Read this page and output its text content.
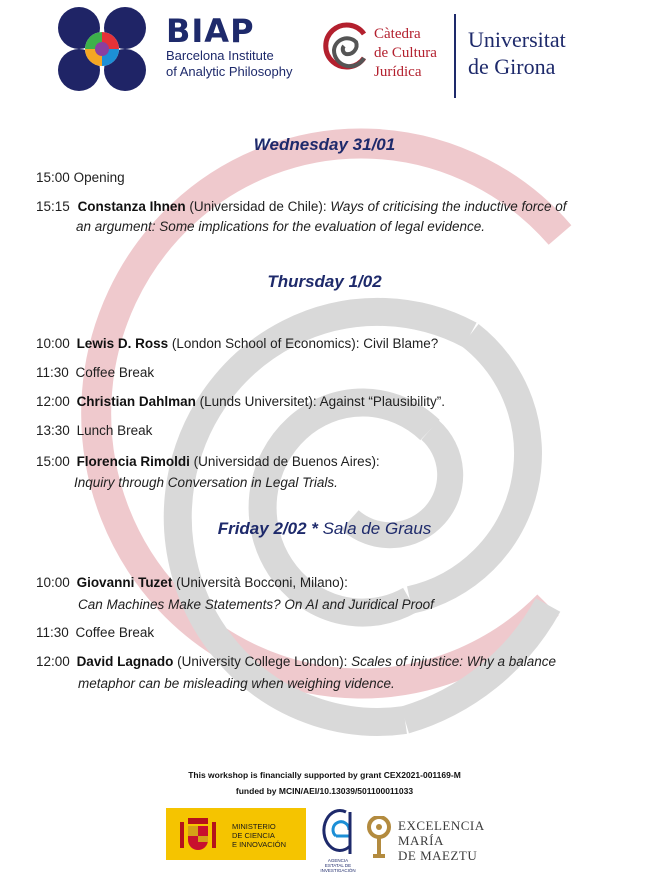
BIAP
Barcelona Institute
of Analytic Philosophy
Càtedra
de Cultura
Jurídica
Universitat
de Girona
Wednesday 31/01
15:00 Opening
15:15 Constanza Ihnen (Universidad de Chile): Ways of criticising the inductive force of
an argument: Some implications for the evaluation of legal evidence.
Thursday 1/02
10:00 Lewis D. Ross (London School of Economics): Civil Blame?
11:30 Coffee Break
12:00 Christian Dahlman (Lunds Universitet): Against “Plausibility”.
13:30 Lunch Break
15:00 Florencia Rimoldi (Universidad de Buenos Aires):
Inquiry through Conversation in Legal Trials.
Friday 2/02 * Sala de Graus
10:00 Giovanni Tuzet (Università Bocconi, Milano):
Can Machines Make Statements? On AI and Juridical Proof
11:30 Coffee Break
12:00 David Lagnado (University College London): Scales of injustice: Why a balance
metaphor can be misleading when weighing vidence.
This workshop is financially supported by grant CEX2021-001169-M
funded by MCIN/AEI/10.13039/501100011033
MINISTERIO
DE CIENCIA
E INNOVACIÓN
AGENCIA
ESTATAL DE
INVESTIGACIÓN
EXCELENCIA
MARÍA
DE MAEZTU
